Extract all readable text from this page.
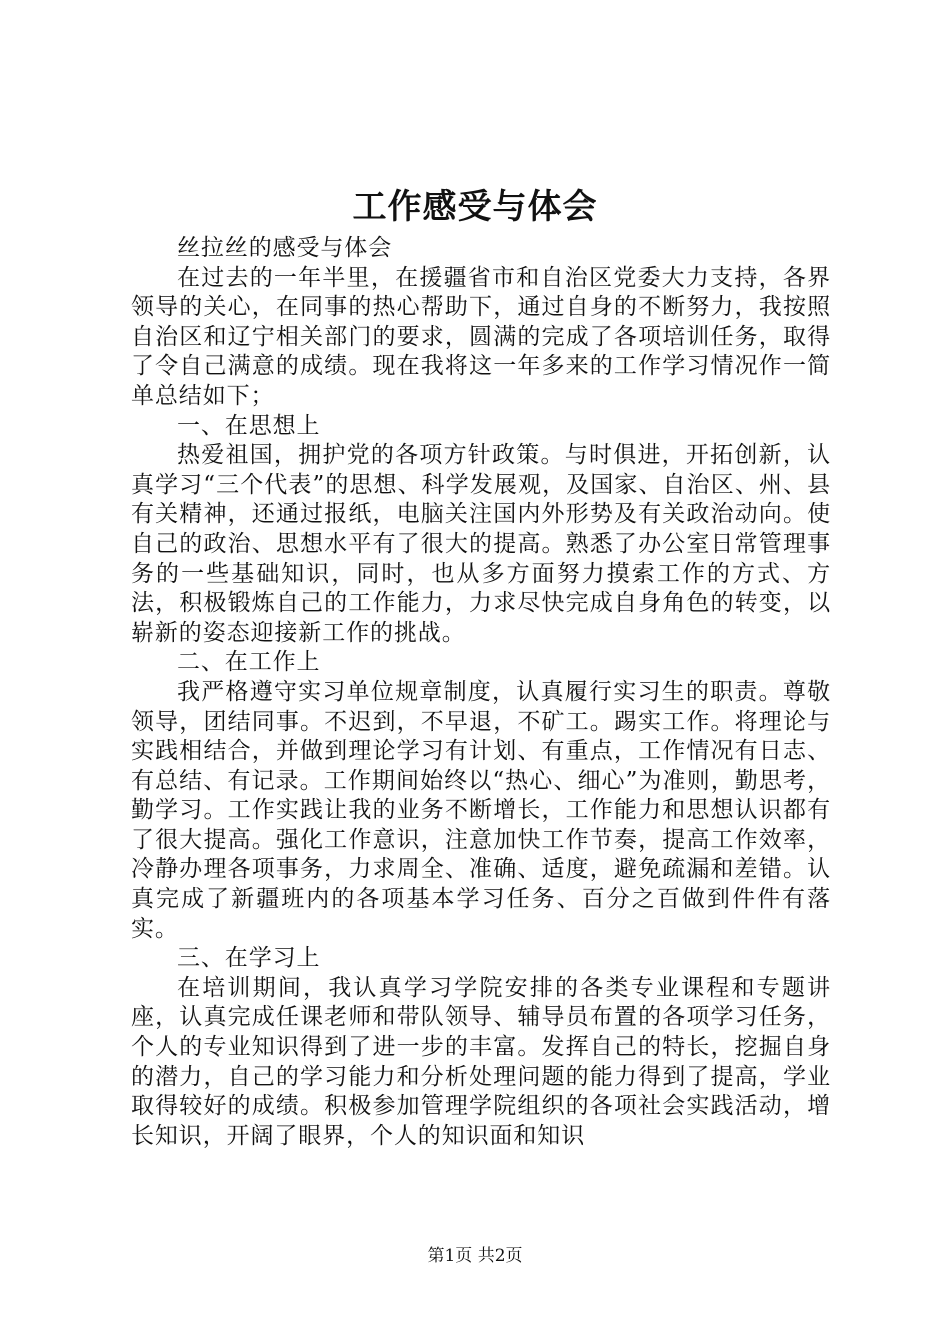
工作感受与体会

丝拉丝的感受与体会

在过去的一年半里，在援疆省市和自治区党委大力支持，各界领导的关心，在同事的热心帮助下，通过自身的不断努力，我按照自治区和辽宁相关部门的要求，圆满的完成了各项培训任务，取得了令自己满意的成绩。现在我将这一年多来的工作学习情况作一简单总结如下；

一、在思想上

热爱祖国，拥护党的各项方针政策。与时俱进，开拓创新，认真学习“三个代表”的思想、科学发展观，及国家、自治区、州、县有关精神，还通过报纸，电脑关注国内外形势及有关政治动向。使自己的政治、思想水平有了很大的提高。熟悉了办公室日常管理事务的一些基础知识，同时，也从多方面努力摸索工作的方式、方法，积极锻炼自己的工作能力，力求尽快完成自身角色的转变，以崭新的姿态迎接新工作的挑战。

二、在工作上

我严格遵守实习单位规章制度，认真履行实习生的职责。尊敬领导，团结同事。不迟到，不早退，不矿工。踢实工作。将理论与实践相结合，并做到理论学习有计划、有重点，工作情况有日志、有总结、有记录。工作期间始终以“热心、细心”为准则，勤思考，勤学习。工作实践让我的业务不断增长，工作能力和思想认识都有了很大提高。强化工作意识，注意加快工作节奏，提高工作效率，冷静办理各项事务，力求周全、准确、适度，避免疏漏和差错。认真完成了新疆班内的各项基本学习任务、百分之百做到件件有落实。

三、在学习上

在培训期间，我认真学习学院安排的各类专业课程和专题讲座，认真完成任课老师和带队领导、辅导员布置的各项学习任务，个人的专业知识得到了进一步的丰富。发挥自己的特长，挖掘自身的潜力，自己的学习能力和分析处理问题的能力得到了提高，学业取得较好的成绩。积极参加管理学院组织的各项社会实践活动，增长知识，开阔了眼界，个人的知识面和知识

第1页 共2页
